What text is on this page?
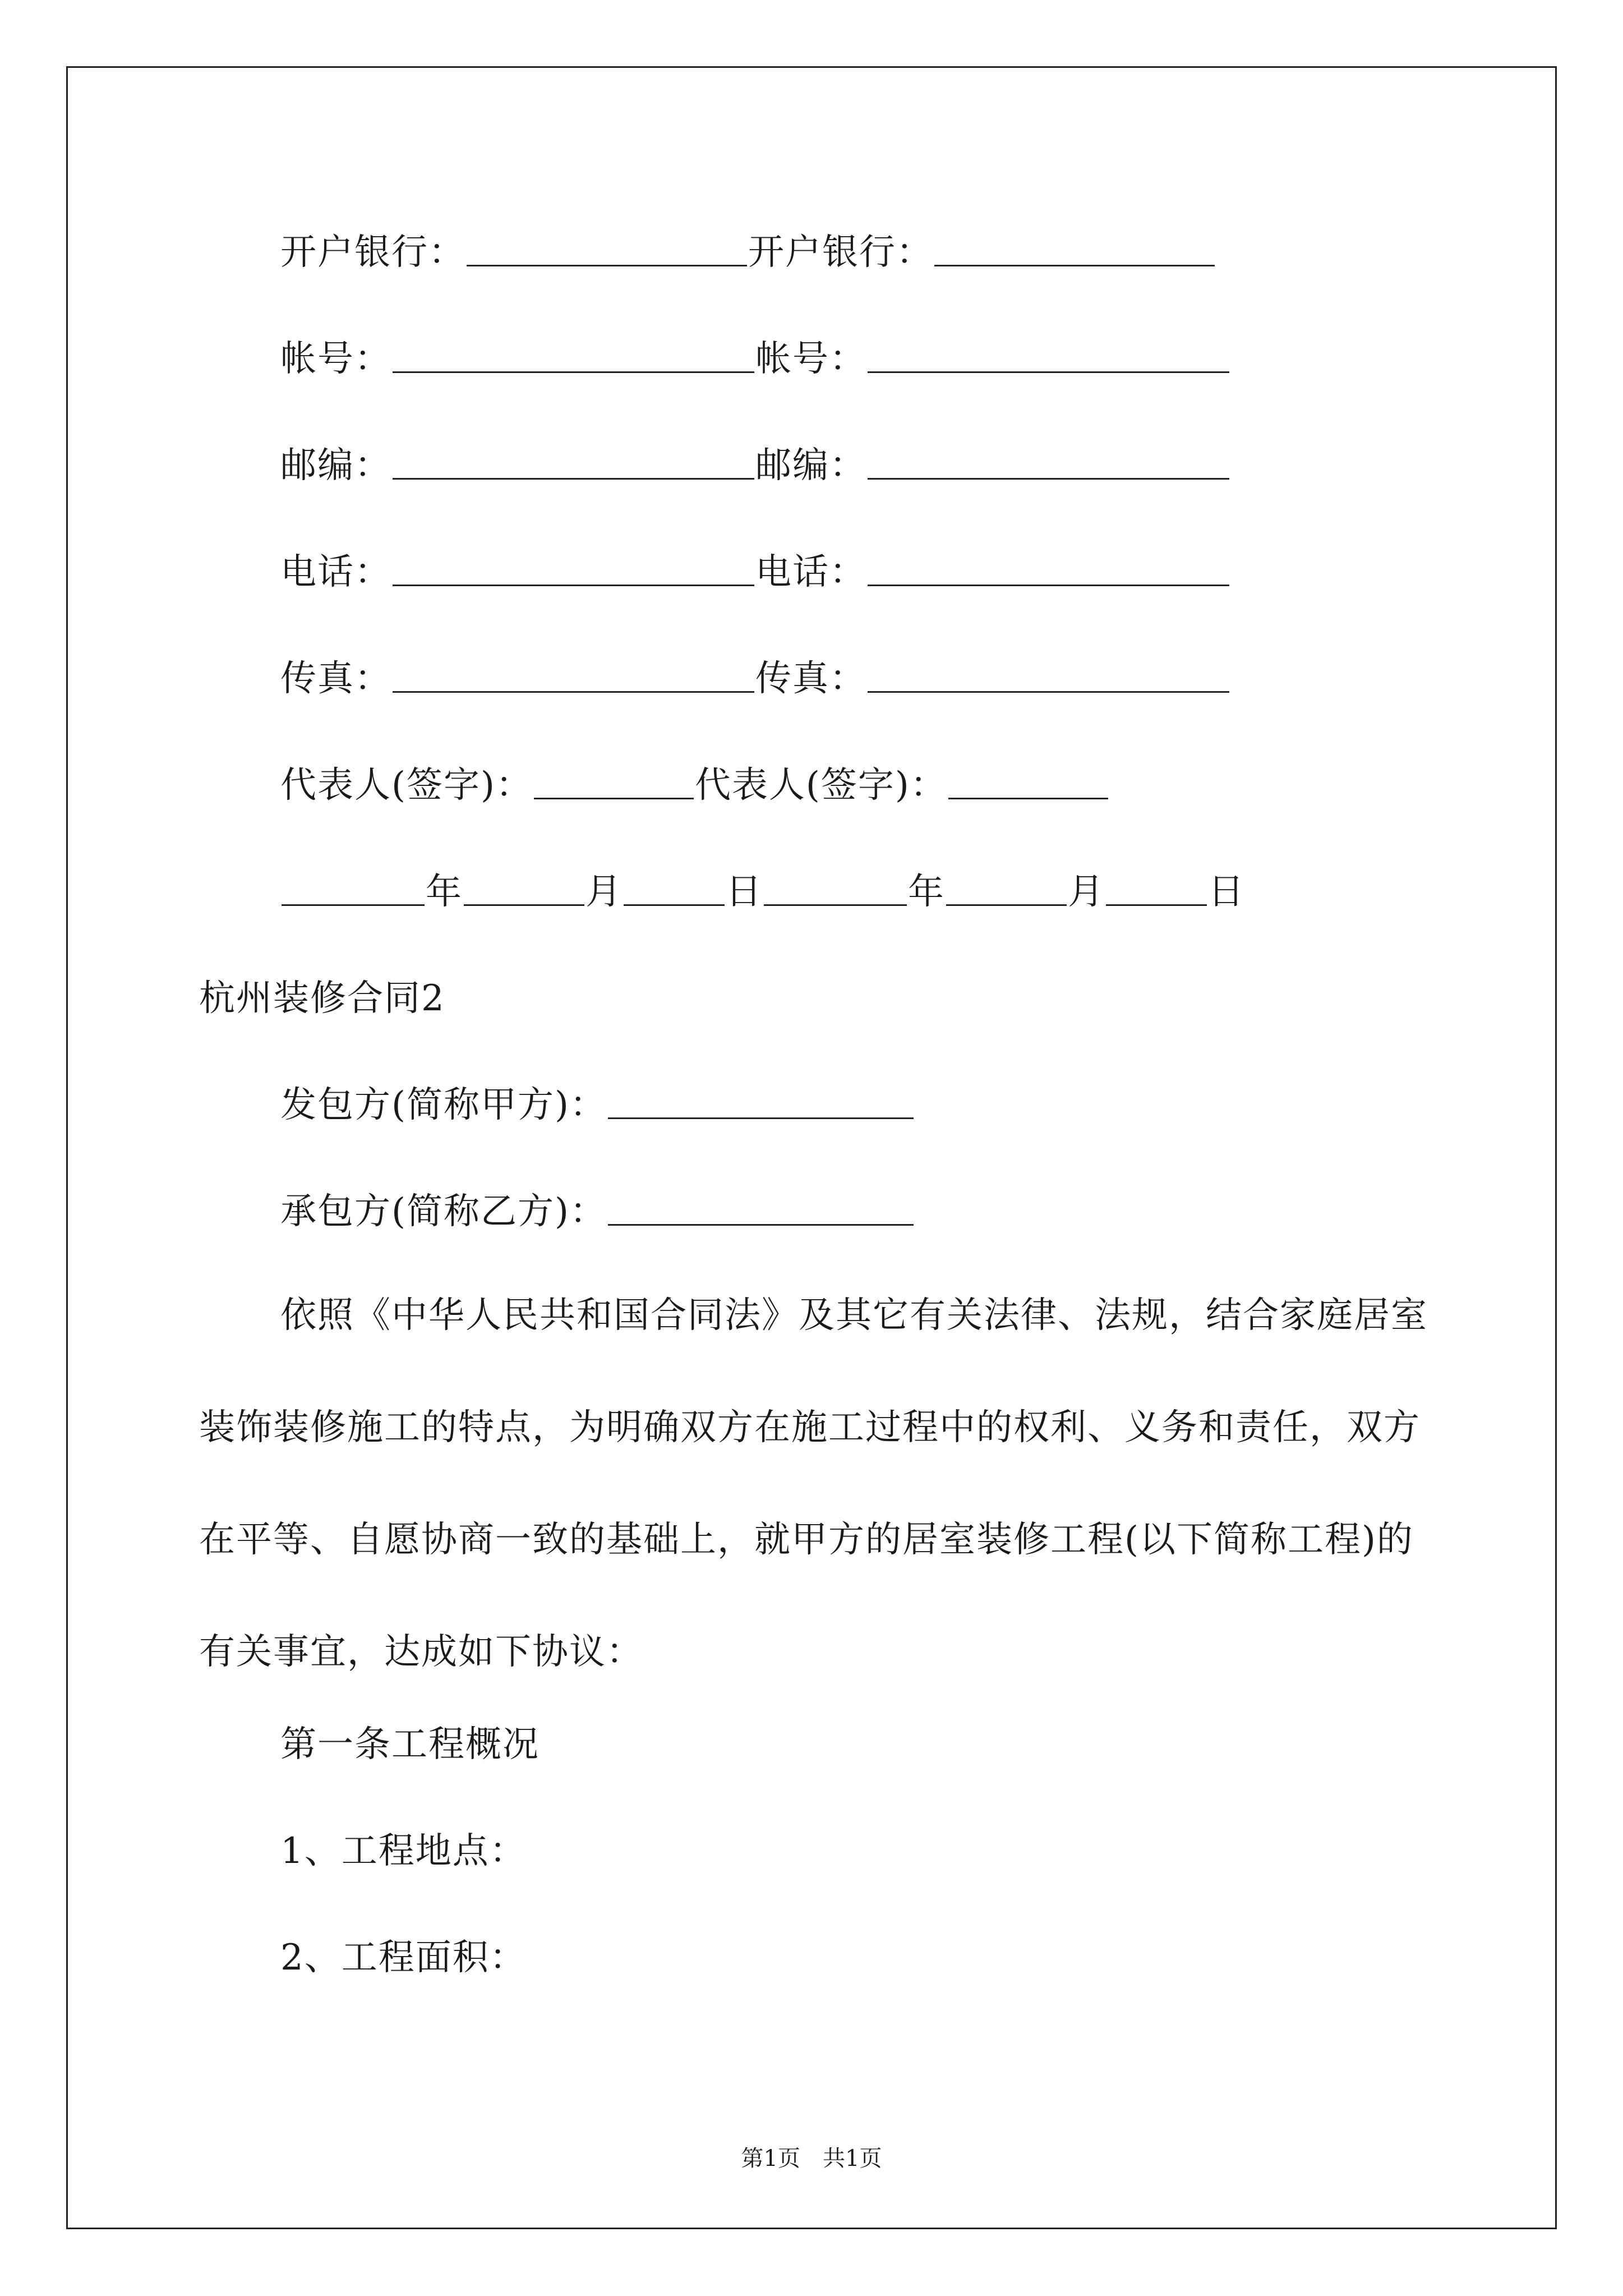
开户银行：	开户银行：
帐号：	帐号：
邮编：	邮编：
电话：	电话：
传真：	传真：
代表人(签字)：	代表人(签字)：
年	月	日	年	月	日
杭州装修合同2
发包方(简称甲方)：
承包方(简称乙方)：

依照《中华人民共和国合同法》及其它有关法律、法规，结合家庭居室装饰装修施工的特点，为明确双方在施工过程中的权利、义务和责任，双方在平等、自愿协商一致的基础上，就甲方的居室装修工程(以下简称工程)的有关事宜，达成如下协议：

第一条工程概况
1、工程地点：
2、工程面积：
第1页　共1页
